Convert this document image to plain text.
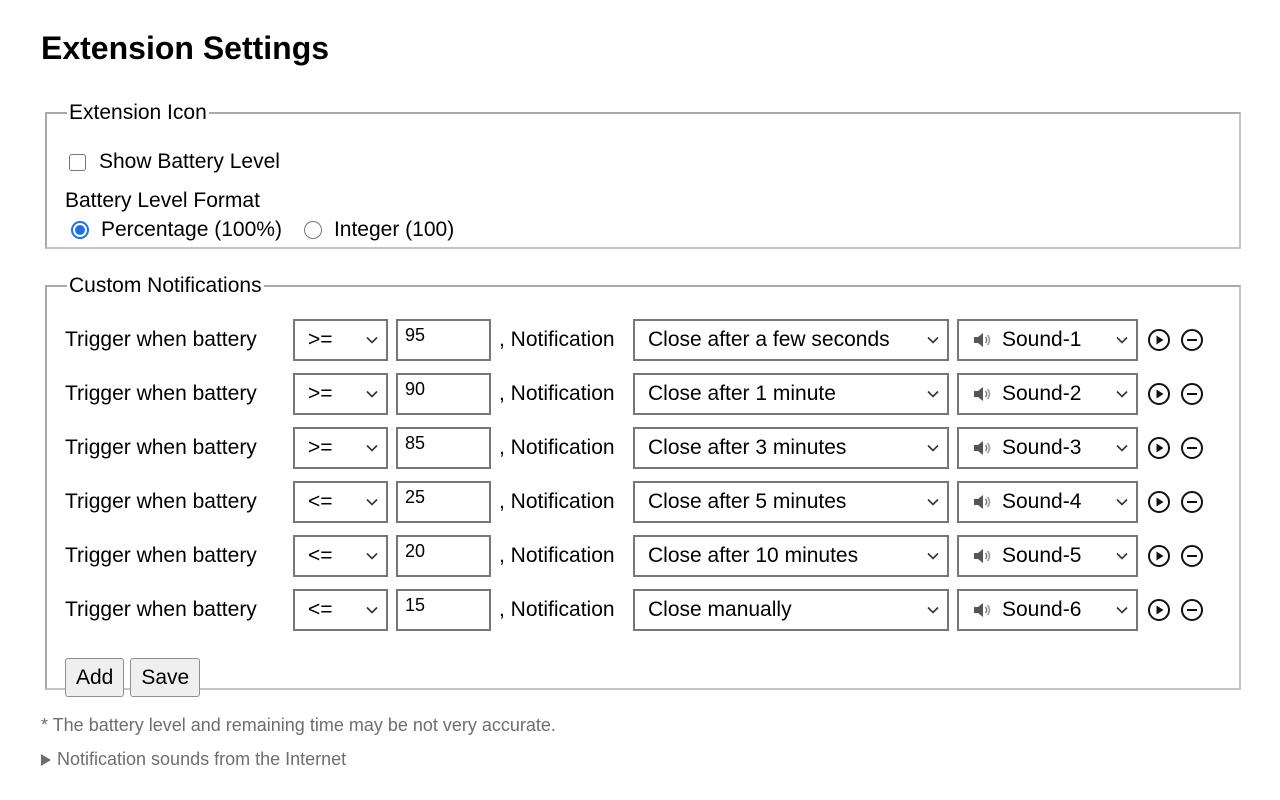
Extension Settings
Extension Icon
Show Battery Level
Battery Level Format
Percentage (100%) Integer (100)
Custom Notifications
Trigger when battery	>=	95	, Notification	Close after a few seconds	Sound-1
Trigger when battery	>=	90	, Notification	Close after 1 minute	Sound-2
Trigger when battery	>=	85	, Notification	Close after 3 minutes	Sound-3
Trigger when battery	<=	25	, Notification	Close after 5 minutes	Sound-4
Trigger when battery	<=	20	, Notification	Close after 10 minutes	Sound-5
Trigger when battery	<=	15	, Notification	Close manually	Sound-6
Add	Save
* The battery level and remaining time may be not very accurate.
Notification sounds from the Internet
